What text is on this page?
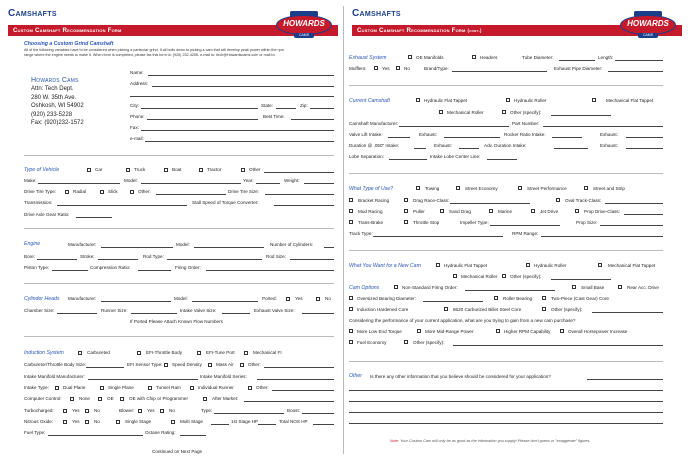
Camshafts
Custom Camshaft Recommendation Form
HOWARDS
CAMS
Choosing a Custom Grind Camshaft
All of the following variables have to be considered when picking a particular grind. It all boils down to picking a cam that will develop peak power within the rpm
range where the engine needs to make it. When form is completed, please fax this form to: (920) 232-4206. e-mail to: tech@Howardscams.com or mail to:
Howards Cams
Attn: Tech Dept.
280 W. 35th Ave.
Oshkosh, WI 54902
(920) 233-5228
Fax: (920)232-1572
Name:
Address:
City:	State:	Zip:
Phone:	Best Time:
Fax:
e-mail:
Type of Vehicle	Car	Truck	Boat	Tractor	Other
Make:	Model:	Year:	Weight:
Drive Tire Type:	Radial	Slick	Other:	Drive Tire Size:
Transmission:	Stall Speed of Torque Converter:
Drive Axle Gear Ratio:
Engine	Manufacturer:	Model:	Number of Cylinders:
Bore:	Stroke:	Rod Type:	Rod Size:
Piston Type:	Compression Ratio:	Firing Order:
Cylinder Heads Manufacturer:	Model:	Ported:	Yes	No
Chamber Size:	Runner Size:	Intake Valve Size:	Exhaust Valve Size:
If Ported Please Attach Known Flow Numbers
Induction System	Carbureted	EFI-Throttle Body	EFI-Tune Port	Mechanical FI
Carburetor/Throttle Body Size:	EFI Sensor Type: Speed Density	Mass Air	Other:
Intake Manifold Manufacturer:	Intake Manifold Series:
Intake Type:	Dual Plane	Single Plane	Tunnel Ram	Individual Runner	Other:
Computer Control:	None	OE	OE with Chip or Programmer	After Market:
Turbocharged:	Yes	No	Blower:	Yes	No	Type:	Boost:
Nitrous Oxide:	Yes	No	Single Stage	Multi Stage	1st Stage HP	Total NOS HP
Fuel Type:	Octane Rating:
Continued on Next Page
Camshafts
Custom Camshaft Recommendation Form (cont.)
HOWARDS
CAMS
Exhaust System	OE Manifolds	Headers	Tube Diameter:	Length:
Mufflers:	Yes	No	Brand/Type:	Exhaust Pipe Diameter:
Current Camshaft	Hydraulic Flat Tappet	Hydraulic Roller	Mechanical Flat Tappet
Mechanical Roller	Other (specify):
Camshaft Manufacturer:	Part Number:
Valve Lift Intake:	Exhaust:	Rocker Ratio Intake:	Exhaust:
Duration @ .050" Intake:	Exhaust:	Adv. Duration Intake:	Exhaust:
Lobe Separation:	Intake Lobe Center Line:
What Type of Use?	Towing	Street Economy	Street Performance	Street and Strip
Bracket Racing	Drag Race-Class:	Oval Track-Class:
Mud Racing	Puller	Sand Drag	Marine	Jet Drive	Prop Drive-Class:
Trans-Brake	Throttle Stop	Impeller Type:	Prop Size:
Track Type:	RPM Range:
What You Want for a New Cam	Hydraulic Flat Tappet	Hydraulic Roller	Mechanical Flat Tappet
Mechanical Roller	Other (specify):
Cam Options	Non-Standard Firing Order:	Small Base	Rear Acc. Drive
Oversized Bearing Diameter:	Roller Bearing	Two-Piece (Cast Gear) Core
Induction Hardened Core	8620 Carburized Billet Steel Core	Other (specify):
Considering the performance of your current application, what are you trying to gain from a new cam purchase?
More Low End Torque	More Mid-Range Power	Higher RPM Capability	Overall Horsepower Increase
Fuel Economy	Other (specify):
Other Is there any other information that you believe should be considered for your application?
Note: Your Custom Cam will only be as good as the information you supply! Please don't guess or "exaggerate" figures.
